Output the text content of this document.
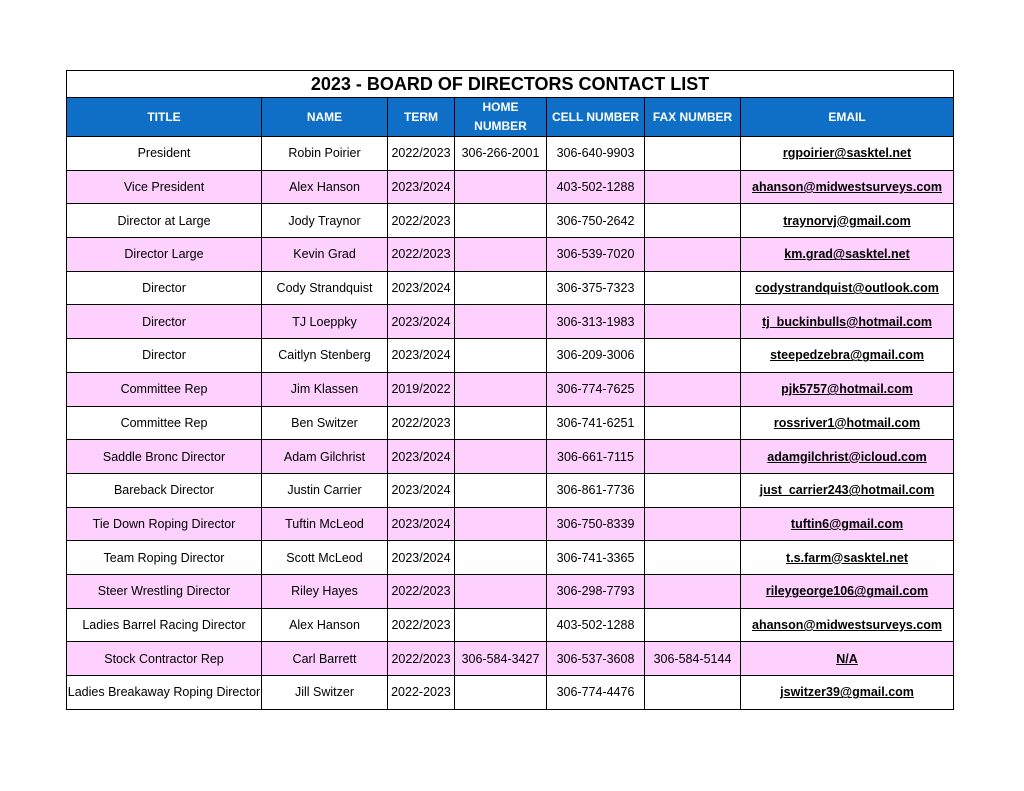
2023 - BOARD OF DIRECTORS CONTACT LIST						
TITLE	NAME	TERM	HOME NUMBER	CELL NUMBER	FAX NUMBER	EMAIL
President	Robin Poirier	2022/2023	306-266-2001	306-640-9903		rgpoirier@sasktel.net
Vice President	Alex Hanson	2023/2024		403-502-1288		ahanson@midwestsurveys.com
Director at Large	Jody Traynor	2022/2023		306-750-2642		traynorvj@gmail.com
Director Large	Kevin Grad	2022/2023		306-539-7020		km.grad@sasktel.net
Director	Cody Strandquist	2023/2024		306-375-7323		codystrandquist@outlook.com
Director	TJ Loeppky	2023/2024		306-313-1983		tj_buckinbulls@hotmail.com
Director	Caitlyn Stenberg	2023/2024		306-209-3006		steepedzebra@gmail.com
Committee Rep	Jim Klassen	2019/2022		306-774-7625		pjk5757@hotmail.com
Committee Rep	Ben Switzer	2022/2023		306-741-6251		rossriver1@hotmail.com
Saddle Bronc Director	Adam Gilchrist	2023/2024		306-661-7115		adamgilchrist@icloud.com
Bareback Director	Justin Carrier	2023/2024		306-861-7736		just_carrier243@hotmail.com
Tie Down Roping Director	Tuftin McLeod	2023/2024		306-750-8339		tuftin6@gmail.com
Team Roping Director	Scott McLeod	2023/2024		306-741-3365		t.s.farm@sasktel.net
Steer Wrestling Director	Riley Hayes	2022/2023		306-298-7793		rileygeorge106@gmail.com
Ladies Barrel Racing Director	Alex Hanson	2022/2023		403-502-1288		ahanson@midwestsurveys.com
Stock Contractor Rep	Carl Barrett	2022/2023	306-584-3427	306-537-3608	306-584-5144	N/A
Ladies Breakaway Roping Director	Jill Switzer	2022-2023		306-774-4476		jswitzer39@gmail.com
